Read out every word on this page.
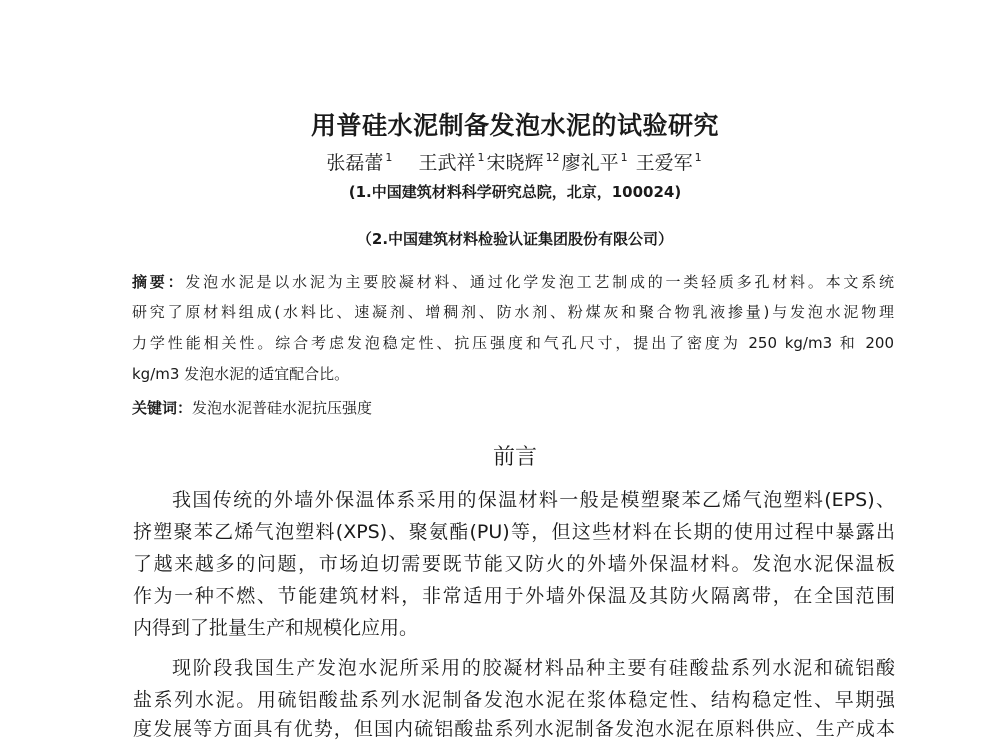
用普硅水泥制备发泡水泥的试验研究
张磊蕾 $^1$ 王武祥 $^1$ 宋晓辉 $^{12}$ 廖礼平 $^1$ 王爱军 $^1$
(1.中国建筑材料科学研究总院，北京，100024)
（2.中国建筑材料检验认证集团股份有限公司）
摘要：发泡水泥是以水泥为主要胶凝材料、通过化学发泡工艺制成的一类轻质多孔材料。本文系统
研究了原材料组成(水料比、速凝剂、增稠剂、防水剂、粉煤灰和聚合物乳液掺量)与发泡水泥物理
力学性能相关性。综合考虑发泡稳定性、抗压强度和气孔尺寸，提出了密度为 250 kg/m3 和 200
kg/m3 发泡水泥的适宜配合比。
关键词：发泡水泥普硅水泥抗压强度
前言
我国传统的外墙外保温体系采用的保温材料一般是模塑聚苯乙烯气泡塑料(EPS)、
挤塑聚苯乙烯气泡塑料(XPS)、聚氨酯(PU)等，但这些材料在长期的使用过程中暴露出
了越来越多的问题，市场迫切需要既节能又防火的外墙外保温材料。发泡水泥保温板
作为一种不燃、节能建筑材料，非常适用于外墙外保温及其防火隔离带，在全国范围
内得到了批量生产和规模化应用。
现阶段我国生产发泡水泥所采用的胶凝材料品种主要有硅酸盐系列水泥和硫铝酸
盐系列水泥。用硫铝酸盐系列水泥制备发泡水泥在浆体稳定性、结构稳定性、早期强
度发展等方面具有优势，但国内硫铝酸盐系列水泥制备发泡水泥在原料供应、生产成本
